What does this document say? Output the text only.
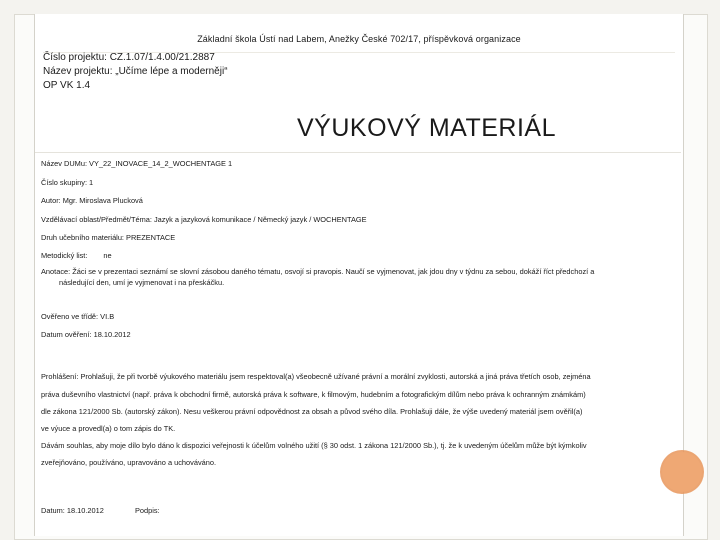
Základní škola Ústí nad Labem, Anežky České 702/17, příspěvková organizace
Číslo projektu: CZ.1.07/1.4.00/21.2887
Název projektu: „Učíme lépe a moderněji“
OP VK 1.4
VÝUKOVÝ MATERIÁL
Název DUMu: VY_22_INOVACE_14_2_WOCHENTAGE 1
Číslo skupiny: 1
Autor: Mgr. Miroslava Plucková
Vzdělávací oblast/Předmět/Téma: Jazyk a jazyková komunikace / Německý jazyk / WOCHENTAGE
Druh učebního materiálu: PREZENTACE
Metodický list: ne
Anotace: Žáci se v prezentaci seznámí se slovní zásobou daného tématu, osvojí si pravopis. Naučí se vyjmenovat, jak jdou dny v týdnu za sebou, dokáží říct předchozí a
následující den, umí je vyjmenovat i na přeskáčku.
Ověřeno ve třídě: VI.B
Datum ověření: 18.10.2012
Prohlášení: Prohlašuji, že při tvorbě výukového materiálu jsem respektoval(a) všeobecně užívané právní a morální zvyklosti, autorská a jiná práva třetích osob, zejména
práva duševního vlastnictví (např. práva k obchodní firmě, autorská práva k software, k filmovým, hudebním a fotografickým dílům nebo práva k ochranným známkám)
dle zákona 121/2000 Sb. (autorský zákon). Nesu veškerou právní odpovědnost za obsah a původ svého díla. Prohlašuji dále, že výše uvedený materiál jsem ověřil(a)
ve výuce a provedl(a) o tom zápis do TK.
Dávám souhlas, aby moje dílo bylo dáno k dispozici veřejnosti k účelům volného užití (§ 30 odst. 1 zákona 121/2000 Sb.), tj. že k uvedeným účelům může být kýmkoliv
zveřejňováno, používáno, upravováno a uchováváno.
Datum: 18.10.2012	Podpis:
